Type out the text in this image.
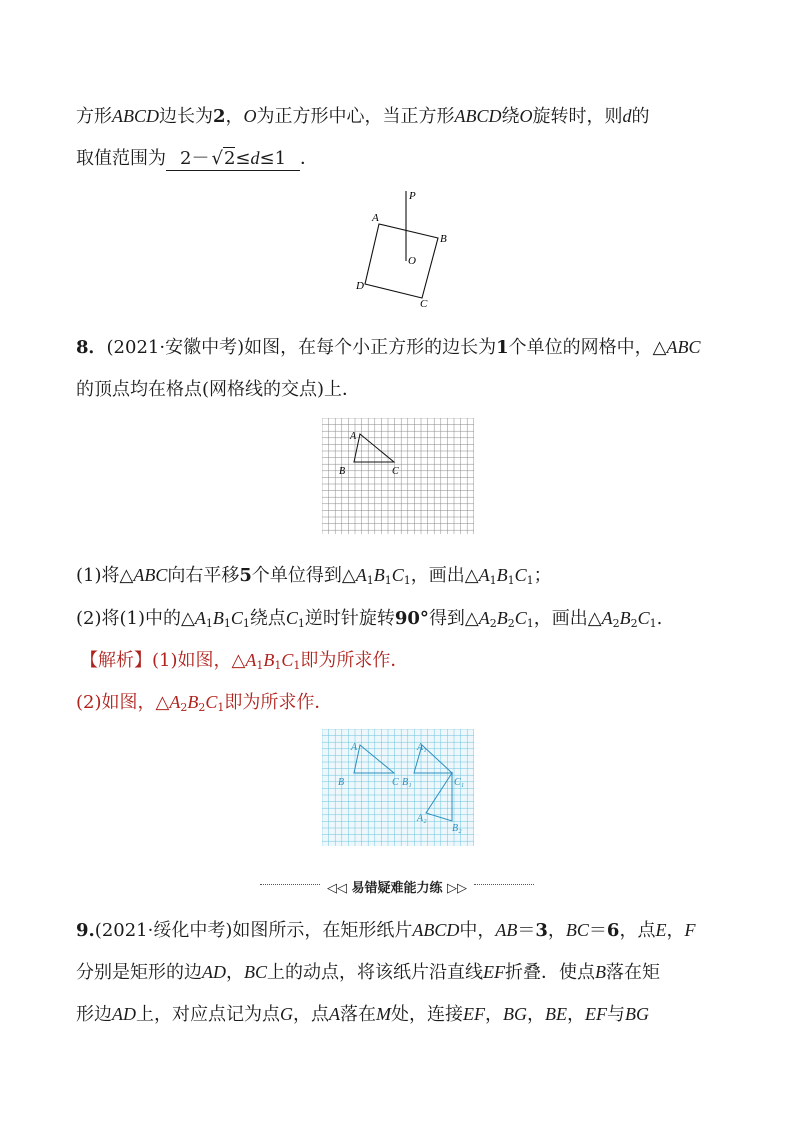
方形ABCD边长为2，O为正方形中心，当正方形ABCD绕O旋转时，则d的
取值范围为 2－ √2≤d≤1 ．
P
A
B
O
D
C
8．(2021·安徽中考)如图，在每个小正方形的边长为1个单位的网格中，△ABC
的顶点均在格点(网格线的交点)上．
A
B	C
(1)将△ABC向右平移5个单位得到$\triangle A_1B_1C_1$，画出$\triangle A_1B_1C_1$；
(2)将(1)中的$\triangle A_1B_1C_1$绕点$C_1$逆时针旋转90°得到$\triangle A_2B_2C_1$，画出$\triangle A_2B_2C_1$.
【解析】(1)如图，$\triangle A_1B_1C_1$即为所求作．
(2)如图，$\triangle A_2B_2C_1$即为所求作．
A
B	C
A₁
B₁	C₁
A₂
B₂
◁◁ 易错疑难能力练 ▷▷
9.(2021·绥化中考)如图所示，在矩形纸片ABCD中，AB＝3，BC＝6，点E，F
分别是矩形的边AD，BC上的动点，将该纸片沿直线EF折叠．使点B落在矩
形边AD上，对应点记为点G，点A落在M处，连接EF，BG，BE，EF与BG
